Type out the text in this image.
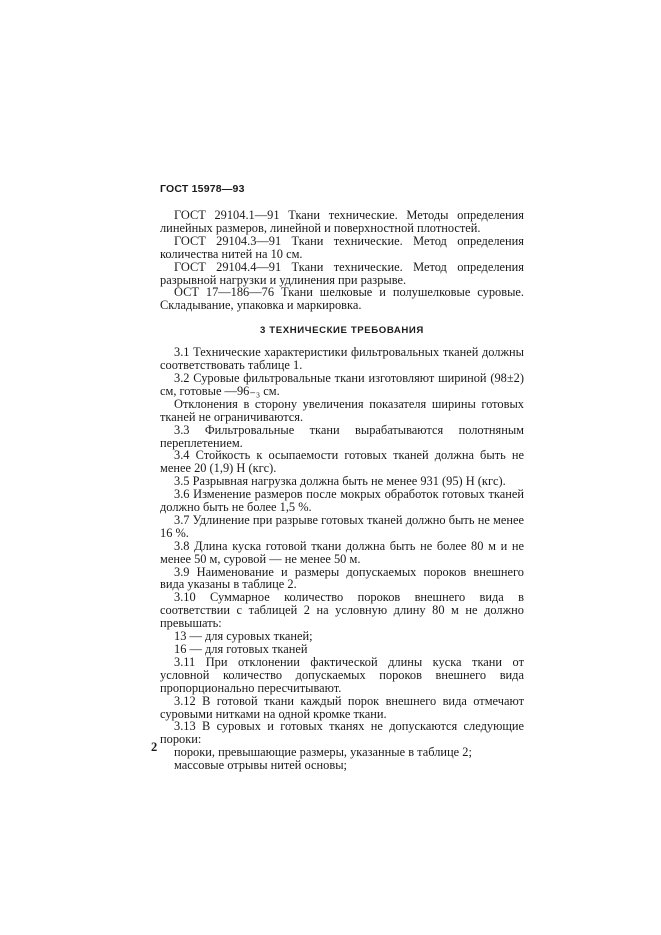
ГОСТ 15978—93

ГОСТ 29104.1—91 Ткани технические. Методы определения линейных размеров, линейной и поверхностной плотностей.

ГОСТ 29104.3—91 Ткани технические. Метод определения количества нитей на 10 см.

ГОСТ 29104.4—91 Ткани технические. Метод определения разрывной нагрузки и удлинения при разрыве.

ОСТ 17—186—76 Ткани шелковые и полушелковые суровые. Складывание, упаковка и маркировка.

3 ТЕХНИЧЕСКИЕ ТРЕБОВАНИЯ

3.1 Технические характеристики фильтровальных тканей должны соответствовать таблице 1.

3.2 Суровые фильтровальные ткани изготовляют шириной (98±2) см, готовые —96₋₃ см.

Отклонения в сторону увеличения показателя ширины готовых тканей не ограничиваются.

3.3 Фильтровальные ткани вырабатываются полотняным переплетением.

3.4 Стойкость к осыпаемости готовых тканей должна быть не менее 20 (1,9) Н (кгс).

3.5 Разрывная нагрузка должна быть не менее 931 (95) Н (кгс).

3.6 Изменение размеров после мокрых обработок готовых тканей должно быть не более 1,5 %.

3.7 Удлинение при разрыве готовых тканей должно быть не менее 16 %.

3.8 Длина куска готовой ткани должна быть не более 80 м и не менее 50 м, суровой — не менее 50 м.

3.9 Наименование и размеры допускаемых пороков внешнего вида указаны в таблице 2.

3.10 Суммарное количество пороков внешнего вида в соответствии с таблицей 2 на условную длину 80 м не должно превышать:

13 — для суровых тканей;

16 — для готовых тканей

3.11 При отклонении фактической длины куска ткани от условной количество допускаемых пороков внешнего вида пропорционально пересчитывают.

3.12 В готовой ткани каждый порок внешнего вида отмечают суровыми нитками на одной кромке ткани.

3.13 В суровых и готовых тканях не допускаются следующие пороки:

пороки, превышающие размеры, указанные в таблице 2;

массовые отрывы нитей основы;

2
